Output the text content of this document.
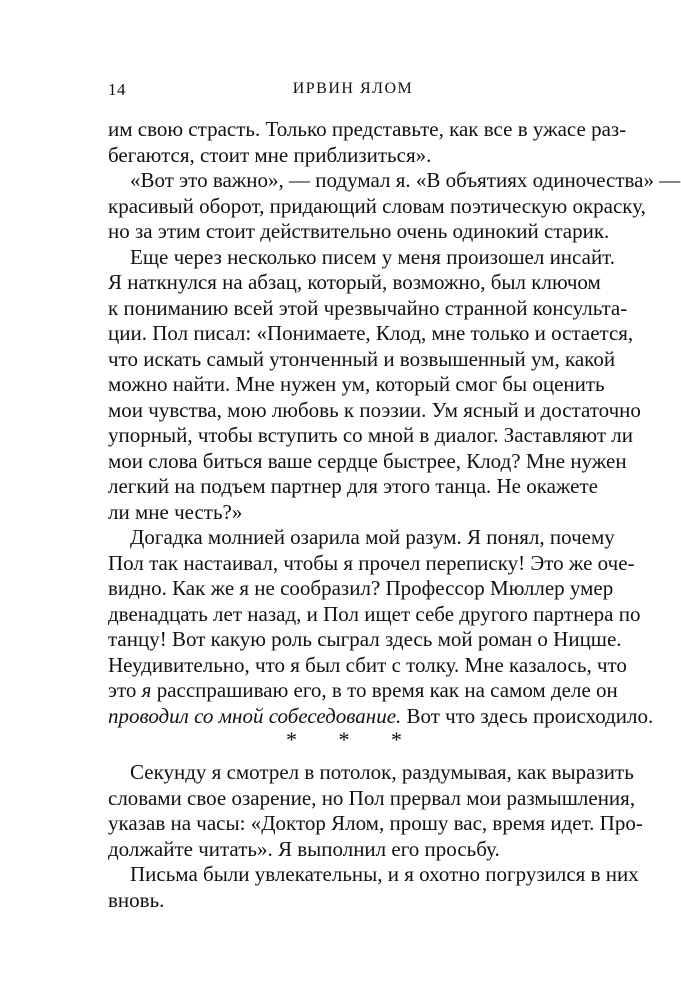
14	ИРВИН ЯЛОМ
им свою страсть. Только представьте, как все в ужасе раз-
бегаются, стоит мне приблизиться».
«Вот это важно», — подумал я. «В объятиях одиночества» —
красивый оборот, придающий словам поэтическую окраску,
но за этим стоит действительно очень одинокий старик.
Еще через несколько писем у меня произошел инсайт.
Я наткнулся на абзац, который, возможно, был ключом
к пониманию всей этой чрезвычайно странной консульта-
ции. Пол писал: «Понимаете, Клод, мне только и остается,
что искать самый утонченный и возвышенный ум, какой
можно найти. Мне нужен ум, который смог бы оценить
мои чувства, мою любовь к поэзии. Ум ясный и достаточно
упорный, чтобы вступить со мной в диалог. Заставляют ли
мои слова биться ваше сердце быстрее, Клод? Мне нужен
легкий на подъем партнер для этого танца. Не окажете
ли мне честь?»
Догадка молнией озарила мой разум. Я понял, почему
Пол так настаивал, чтобы я прочел переписку! Это же оче-
видно. Как же я не сообразил? Профессор Мюллер умер
двенадцать лет назад, и Пол ищет себе другого партнера по
танцу! Вот какую роль сыграл здесь мой роман о Ницше.
Неудивительно, что я был сбит с толку. Мне казалось, что
это я расспрашиваю его, в то время как на самом деле он
проводил со мной собеседование. Вот что здесь происходило.
* * *
Секунду я смотрел в потолок, раздумывая, как выразить
словами свое озарение, но Пол прервал мои размышления,
указав на часы: «Доктор Ялом, прошу вас, время идет. Про-
должайте читать». Я выполнил его просьбу.
Письма были увлекательны, и я охотно погрузился в них
вновь.
